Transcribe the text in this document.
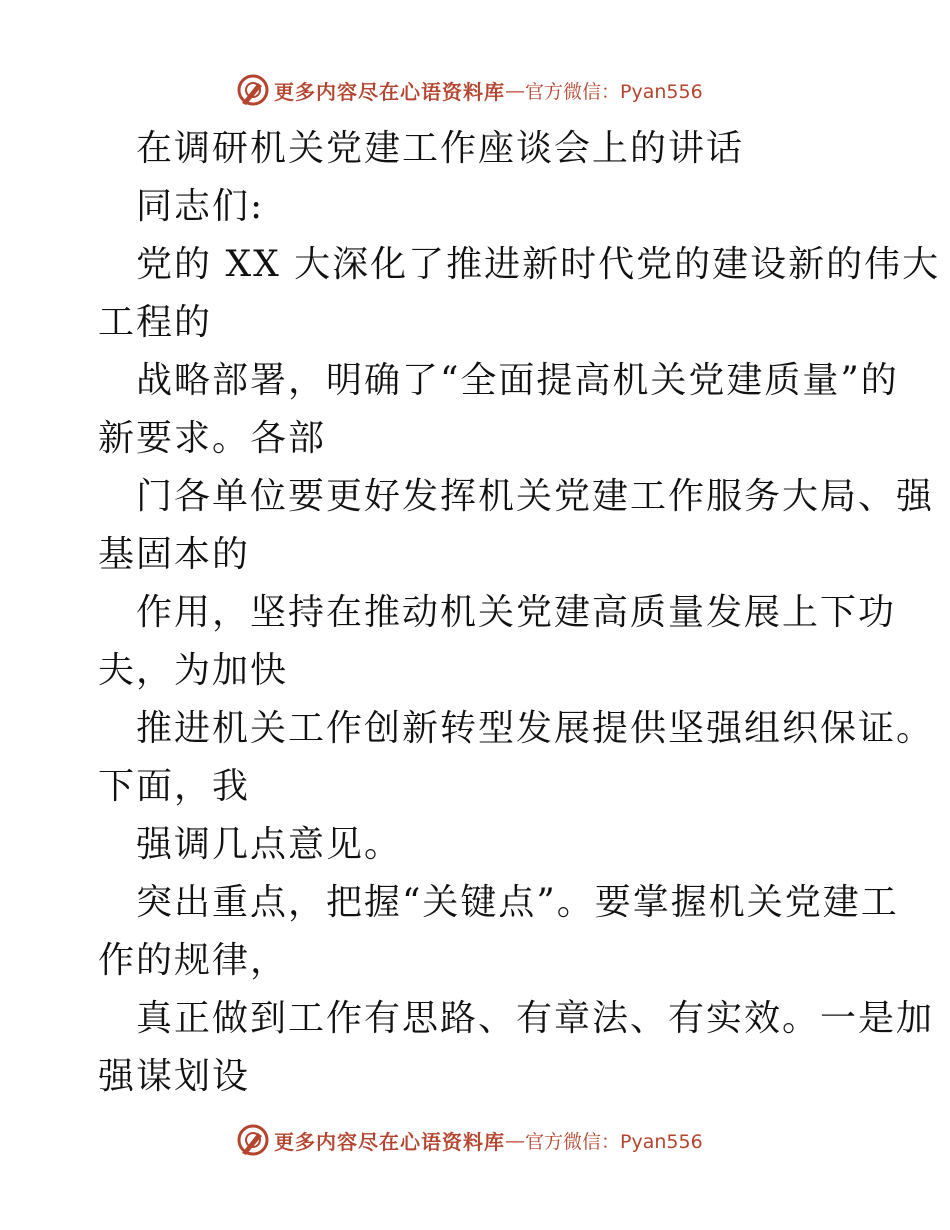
更多内容尽在心语资料库 — 官方微信：Pyan556
在调研机关党建工作座谈会上的讲话
同志们:
党的 XX 大深化了推进新时代党的建设新的伟大
工程的
战略部署，明确了“全面提高机关党建质量”的
新要求。各部
门各单位要更好发挥机关党建工作服务大局、强
基固本的
作用，坚持在推动机关党建高质量发展上下功
夫，为加快
推进机关工作创新转型发展提供坚强组织保证。
下面，我
强调几点意见。
突出重点，把握“关键点”。要掌握机关党建工
作的规律，
真正做到工作有思路、有章法、有实效。一是加
强谋划设
更多内容尽在心语资料库 — 官方微信：Pyan556
